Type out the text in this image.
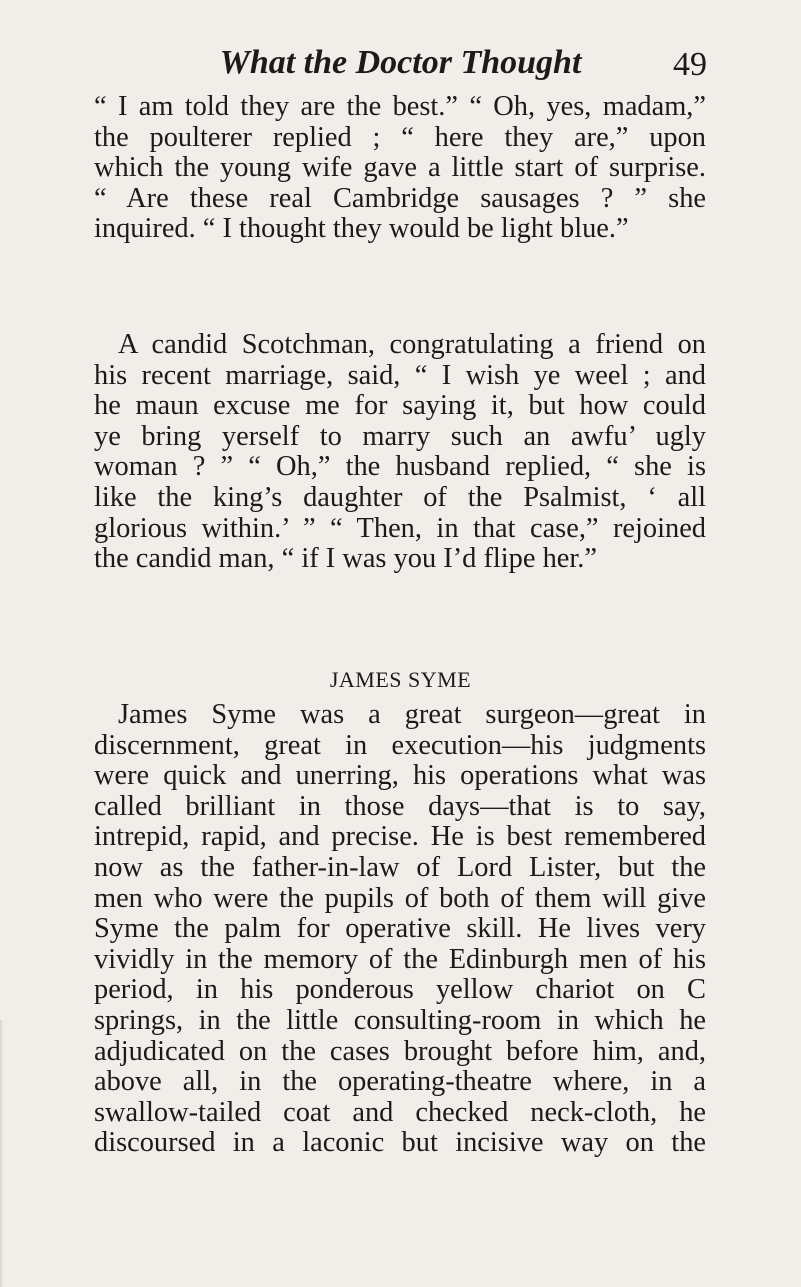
What the Doctor Thought	49
“ I am told they are the best.” “ Oh, yes, madam,”
the poulterer replied ; “ here they are,” upon
which the young wife gave a little start of surprise.
“ Are these real Cambridge sausages ? ” she
inquired. “ I thought they would be light blue.”
A candid Scotchman, congratulating a friend on
his recent marriage, said, “ I wish ye weel ; and
he maun excuse me for saying it, but how could
ye bring yerself to marry such an awfu’ ugly
woman ? ” “ Oh,” the husband replied, “ she is
like the king’s daughter of the Psalmist, ‘ all
glorious within.’ ” “ Then, in that case,” rejoined
the candid man, “ if I was you I’d flipe her.”
JAMES SYME
James Syme was a great surgeon—great in
discernment, great in execution—his judgments
were quick and unerring, his operations what was
called brilliant in those days—that is to say,
intrepid, rapid, and precise. He is best remembered
now as the father-in-law of Lord Lister, but the
men who were the pupils of both of them will give
Syme the palm for operative skill. He lives very
vividly in the memory of the Edinburgh men of his
period, in his ponderous yellow chariot on C
springs, in the little consulting-room in which he
adjudicated on the cases brought before him, and,
above all, in the operating-theatre where, in a
swallow-tailed coat and checked neck-cloth, he
discoursed in a laconic but incisive way on the
